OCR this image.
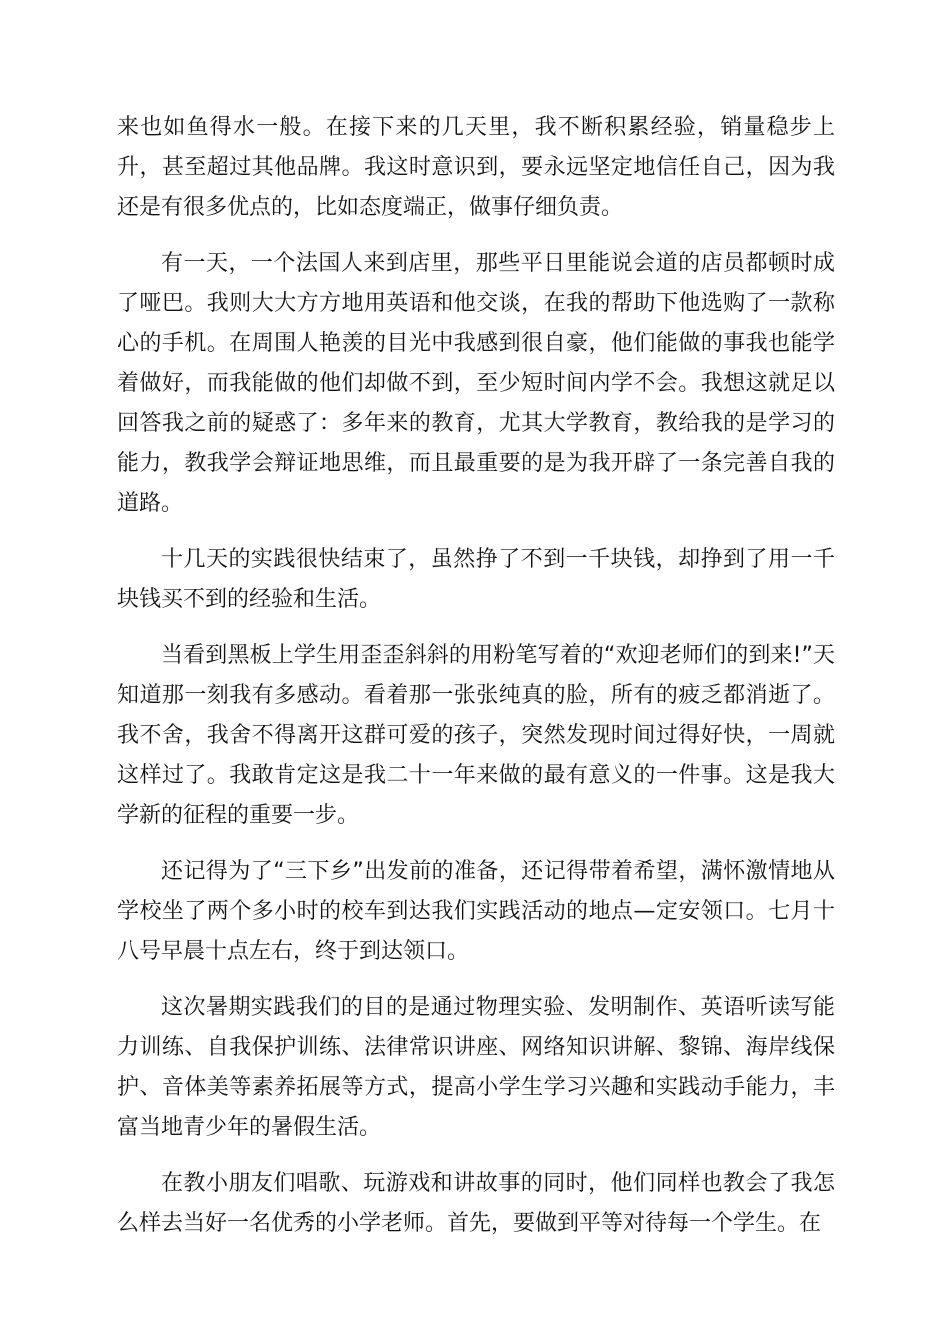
来也如鱼得水一般。在接下来的几天里，我不断积累经验，销量稳步上升，甚至超过其他品牌。我这时意识到，要永远坚定地信任自己，因为我还是有很多优点的，比如态度端正，做事仔细负责。

有一天，一个法国人来到店里，那些平日里能说会道的店员都顿时成了哑巴。我则大大方方地用英语和他交谈，在我的帮助下他选购了一款称心的手机。在周围人艳羡的目光中我感到很自豪，他们能做的事我也能学着做好，而我能做的他们却做不到，至少短时间内学不会。我想这就足以回答我之前的疑惑了：多年来的教育，尤其大学教育，教给我的是学习的能力，教我学会辩证地思维，而且最重要的是为我开辟了一条完善自我的道路。

十几天的实践很快结束了，虽然挣了不到一千块钱，却挣到了用一千块钱买不到的经验和生活。

当看到黑板上学生用歪歪斜斜的用粉笔写着的“欢迎老师们的到来!”天知道那一刻我有多感动。看着那一张张纯真的脸，所有的疲乏都消逝了。我不舍，我舍不得离开这群可爱的孩子，突然发现时间过得好快，一周就这样过了。我敢肯定这是我二十一年来做的最有意义的一件事。这是我大学新的征程的重要一步。

还记得为了“三下乡”出发前的准备，还记得带着希望，满怀激情地从学校坐了两个多小时的校车到达我们实践活动的地点—定安领口。七月十八号早晨十点左右，终于到达领口。

这次暑期实践我们的目的是通过物理实验、发明制作、英语听读写能力训练、自我保护训练、法律常识讲座、网络知识讲解、黎锦、海岸线保护、音体美等素养拓展等方式，提高小学生学习兴趣和实践动手能力，丰富当地青少年的暑假生活。

在教小朋友们唱歌、玩游戏和讲故事的同时，他们同样也教会了我怎么样去当好一名优秀的小学老师。首先，要做到平等对待每一个学生。在
